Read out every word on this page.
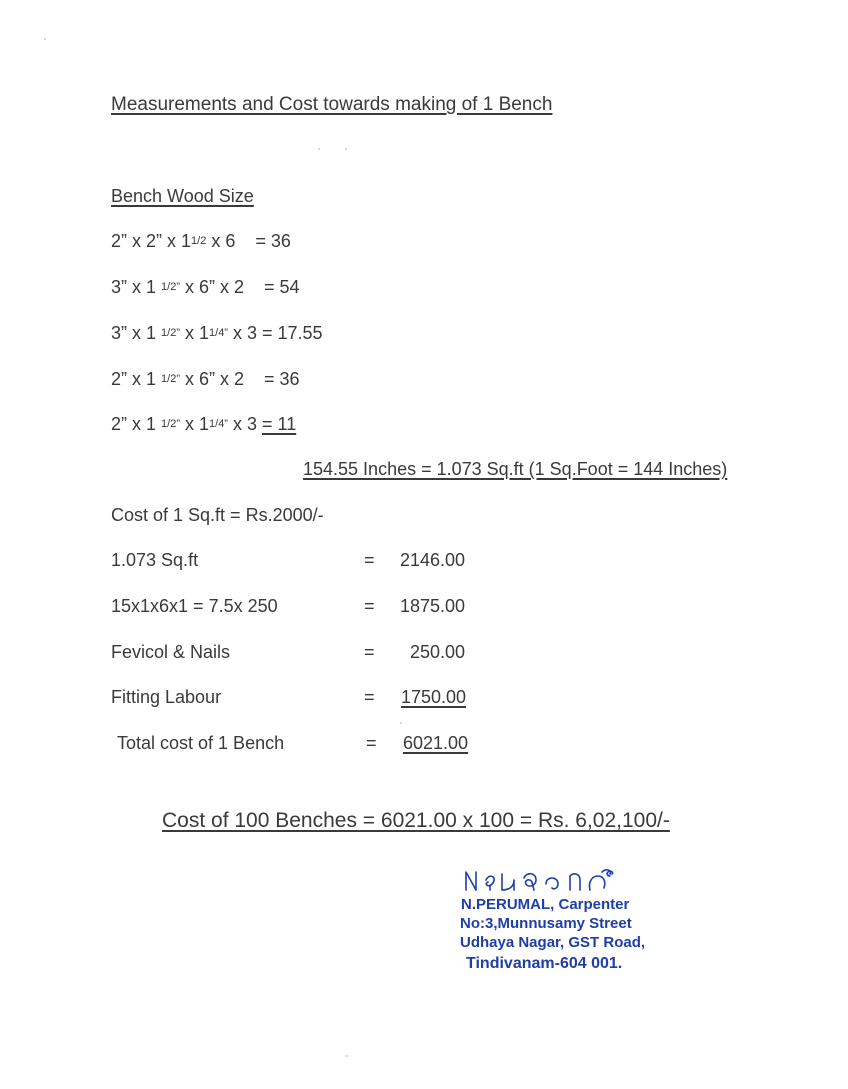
Measurements and Cost towards making of 1 Bench
Bench Wood Size
2” x 2” x $1^{1/2}$ x 6    = 36
3” x 1 $^{1/2”}$ x 6” x 2    = 54
3” x 1 $^{1/2”}$ x $1^{1/4”}$ x 3 = 17.55
2” x 1 $^{1/2”}$ x 6” x 2    = 36
2” x 1 $^{1/2”}$ x $1^{1/4”}$ x 3 = 11
154.55 Inches = 1.073 Sq.ft (1 Sq.Foot = 144 Inches)
Cost of 1 Sq.ft = Rs.2000/-
1.073 Sq.ft	= 2146.00
15x1x6x1 = 7.5x 250	= 1875.00
Fevicol & Nails	= 250.00
Fitting Labour	= 1750.00
Total cost of 1 Bench	= 6021.00
Cost of 100 Benches = 6021.00 x 100 = Rs. 6,02,100/-
N.PERUMAL, Carpenter
No:3,Munnusamy Street
Udhaya Nagar, GST Road,
Tindivanam-604 001.
